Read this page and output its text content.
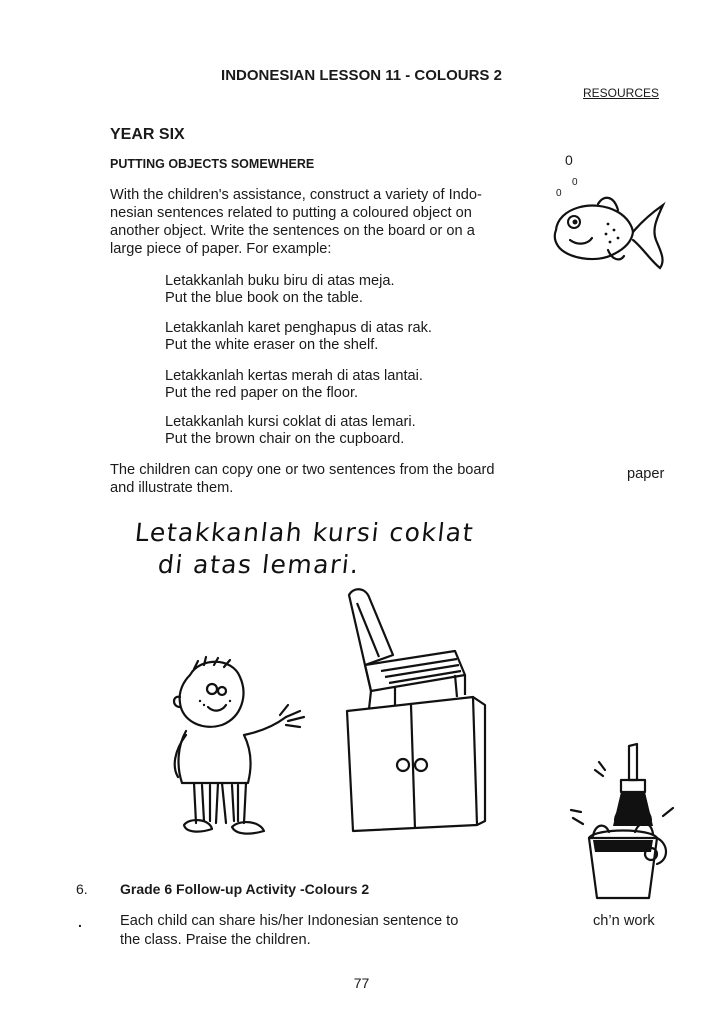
INDONESIAN LESSON 11 - COLOURS 2
RESOURCES
YEAR SIX
PUTTING OBJECTS SOMEWHERE
With the children's assistance, construct a variety of Indo-
nesian sentences related to putting a coloured object on
another object. Write the sentences on the board or on a
large piece of paper. For example:
Letakkanlah buku biru di atas meja.
Put the blue book on the table.
Letakkanlah karet penghapus di atas rak.
Put the white eraser on the shelf.
Letakkanlah kertas merah di atas lantai.
Put the red paper on the floor.
Letakkanlah kursi coklat di atas lemari.
Put the brown chair on the cupboard.
The children can copy one or two sentences from the board
and illustrate them.
0
0
0
paper
Letakkanlah kursi coklat
di atas lemari.
6.
.
Grade 6 Follow-up Activity -Colours 2
Each child can share his/her Indonesian sentence to
the class. Praise the children.
ch’n work
77
